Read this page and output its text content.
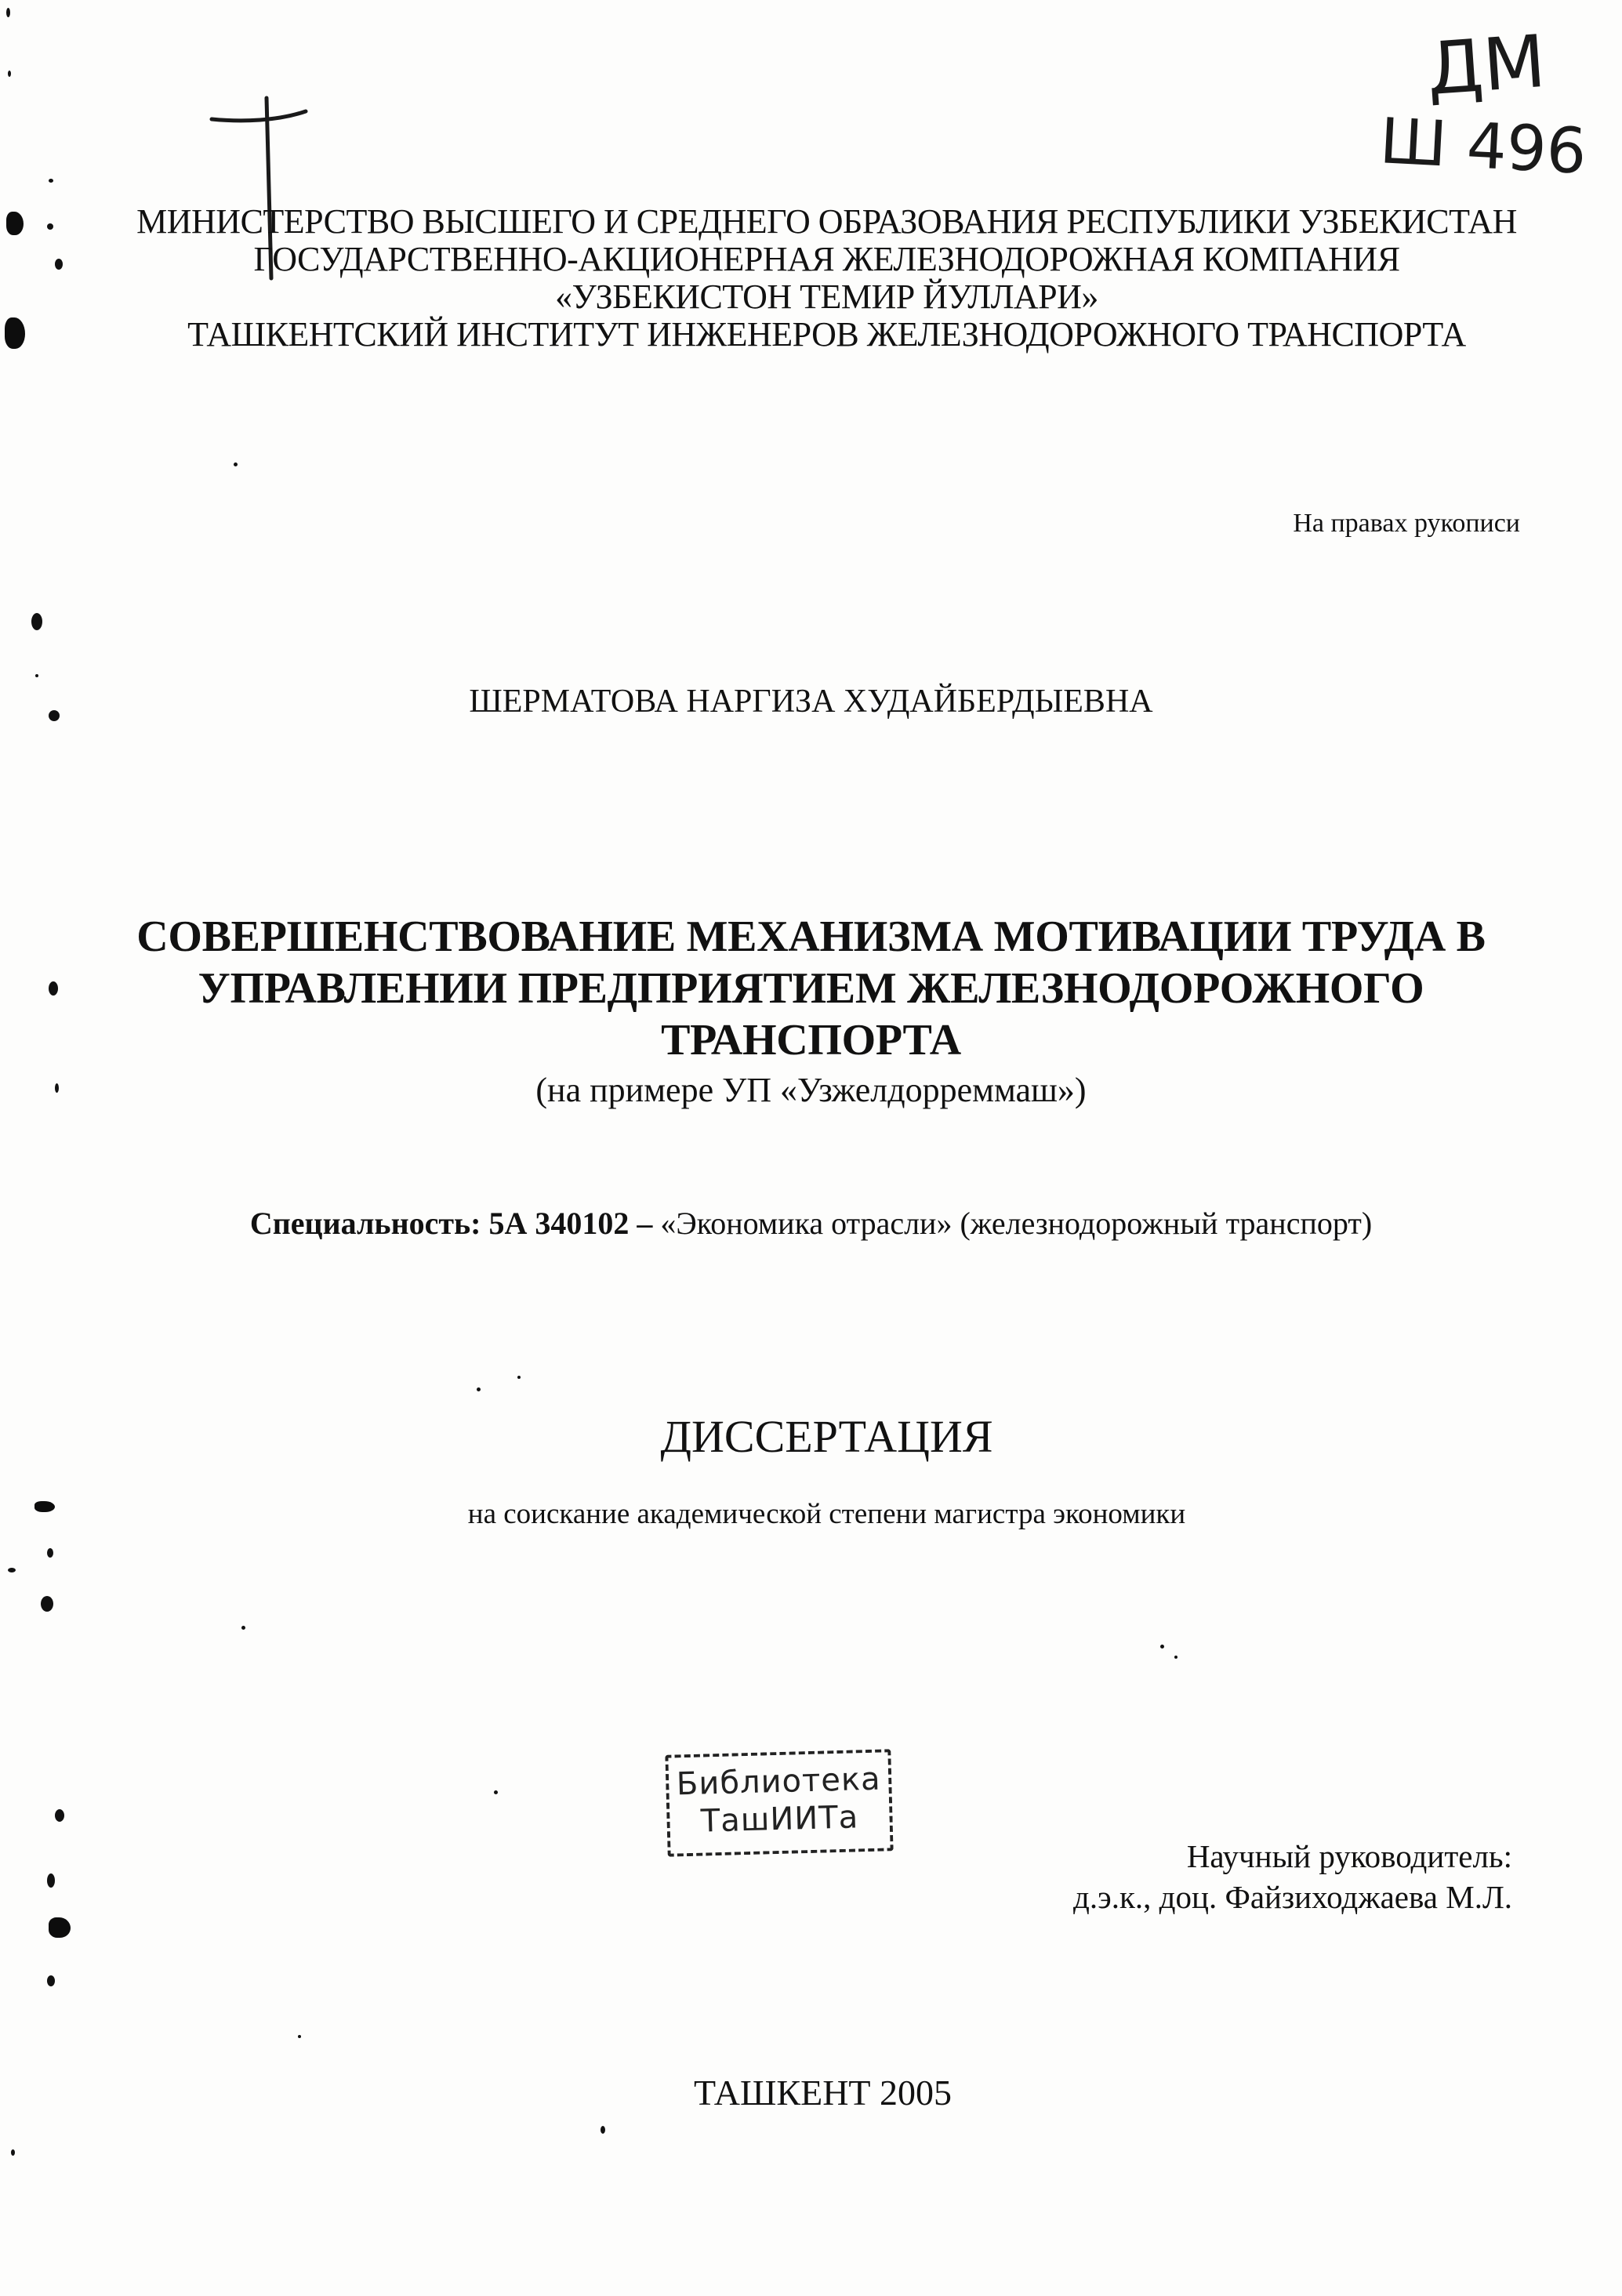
ДМ
Ш 496
МИНИСТЕРСТВО ВЫСШЕГО И СРЕДНЕГО ОБРАЗОВАНИЯ РЕСПУБЛИКИ УЗБЕКИСТАН
ГОСУДАРСТВЕННО-АКЦИОНЕРНАЯ ЖЕЛЕЗНОДОРОЖНАЯ КОМПАНИЯ
«УЗБЕКИСТОН ТЕМИР ЙУЛЛАРИ»
ТАШКЕНТСКИЙ ИНСТИТУТ ИНЖЕНЕРОВ ЖЕЛЕЗНОДОРОЖНОГО ТРАНСПОРТА
На правах рукописи
ШЕРМАТОВА НАРГИЗА ХУДАЙБЕРДЫЕВНА
СОВЕРШЕНСТВОВАНИЕ МЕХАНИЗМА МОТИВАЦИИ ТРУДА В
УПРАВЛЕНИИ ПРЕДПРИЯТИЕМ ЖЕЛЕЗНОДОРОЖНОГО
ТРАНСПОРТА
(на примере УП «Узжелдорреммаш»)
Специальность: 5А 340102 – «Экономика отрасли» (железнодорожный транспорт)
ДИССЕРТАЦИЯ
на соискание академической степени магистра экономики
Библиотека
ТашИИТа
Научный руководитель:
д.э.к., доц. Файзиходжаева М.Л.
ТАШКЕНТ 2005
